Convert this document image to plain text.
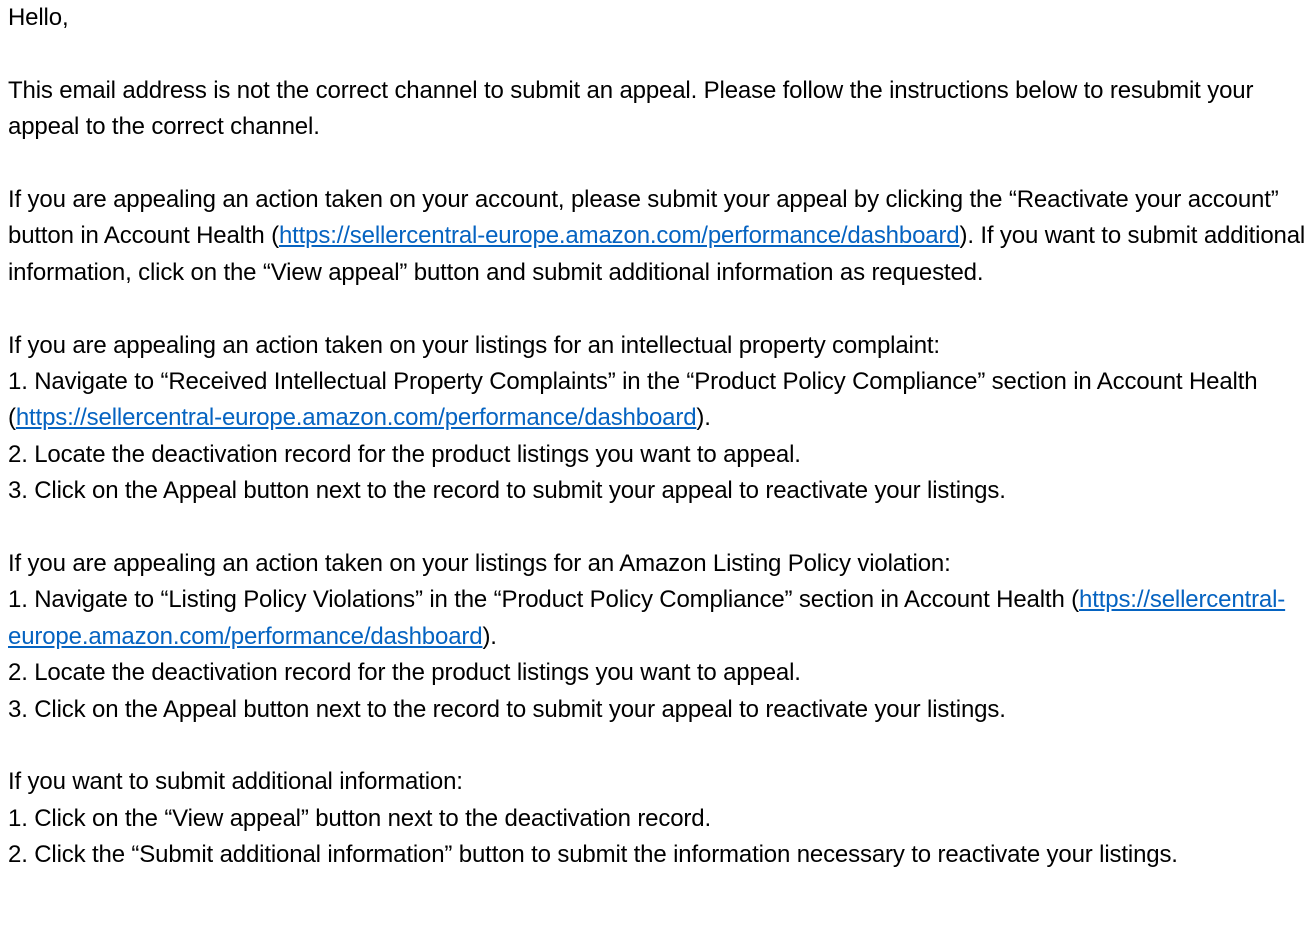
Hello,

This email address is not the correct channel to submit an appeal. Please follow the instructions below to resubmit your appeal to the correct channel.

If you are appealing an action taken on your account, please submit your appeal by clicking the “Reactivate your account” button in Account Health (https://sellercentral-europe.amazon.com/performance/dashboard). If you want to submit additional information, click on the “View appeal” button and submit additional information as requested.

If you are appealing an action taken on your listings for an intellectual property complaint:

1. Navigate to “Received Intellectual Property Complaints” in the “Product Policy Compliance” section in Account Health (https://sellercentral-europe.amazon.com/performance/dashboard).

2. Locate the deactivation record for the product listings you want to appeal.

3. Click on the Appeal button next to the record to submit your appeal to reactivate your listings.

If you are appealing an action taken on your listings for an Amazon Listing Policy violation:

1. Navigate to “Listing Policy Violations” in the “Product Policy Compliance” section in Account Health (https://sellercentral-europe.amazon.com/performance/dashboard).

2. Locate the deactivation record for the product listings you want to appeal.

3. Click on the Appeal button next to the record to submit your appeal to reactivate your listings.

If you want to submit additional information:

1. Click on the “View appeal” button next to the deactivation record.

2. Click the “Submit additional information” button to submit the information necessary to reactivate your listings.
